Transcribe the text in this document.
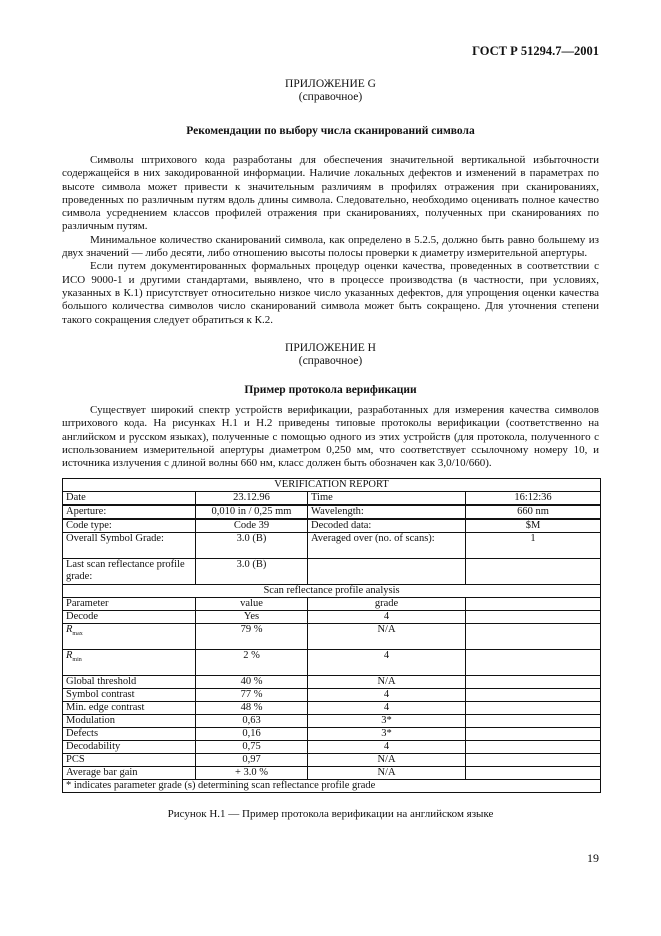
ГОСТ Р 51294.7—2001
ПРИЛОЖЕНИЕ G
(справочное)
Рекомендации по выбору числа сканирований символа

Символы штрихового кода разработаны для обеспечения значительной вертикальной избыточности содержащейся в них закодированной информации. Наличие локальных дефектов и изменений в параметрах по высоте символа может привести к значительным различиям в профилях отражения при сканированиях, проведенных по различным путям вдоль длины символа. Следовательно, необходимо оценивать полное качество символа усреднением классов профилей отражения при сканированиях, полученных при сканированиях по различным путям.

Минимальное количество сканирований символа, как определено в 5.2.5, должно быть равно большему из двух значений — либо десяти, либо отношению высоты полосы проверки к диаметру измерительной апертуры.

Если путем документированных формальных процедур оценки качества, проведенных в соответствии с ИСО 9000-1 и другими стандартами, выявлено, что в процессе производства (в частности, при условиях, указанных в К.1) присутствует относительно низкое число указанных дефектов, для упрощения оценки качества большого количества символов число сканирований символа может быть сокращено. Для уточнения степени такого сокращения следует обратиться к К.2.

ПРИЛОЖЕНИЕ H
(справочное)
Пример протокола верификации

Существует широкий спектр устройств верификации, разработанных для измерения качества символов штрихового кода. На рисунках H.1 и H.2 приведены типовые протоколы верификации (соответственно на английском и русском языках), полученные с помощью одного из этих устройств (для протокола, полученного с использованием измерительной апертуры диаметром 0,250 мм, что соответствует ссылочному номеру 10, и источника излучения с длиной волны 660 нм, класс должен быть обозначен как 3,0/10/660).

VERIFICATION REPORT			
Date	23.12.96	Time	16:12:36
Aperture:	0,010 in / 0,25 mm	Wavelength:	660 nm
Code type:	Code 39	Decoded data:	$M
Overall Symbol Grade:	3.0 (B)	Averaged over (no. of scans):	1
Last scan reflectance profile grade:	3.0 (B)		
Scan reflectance profile analysis			
Parameter	value	grade	
Decode	Yes	4	
$R_{max}$	79 %	N/A	
$R_{min}$	2 %	4	
Global threshold	40 %	N/A	
Symbol contrast	77 %	4	
Min. edge contrast	48 %	4	
Modulation	0,63	3*	
Defects	0,16	3*	
Decodability	0,75	4	
PCS	0,97	N/A	
Average bar gain	+ 3.0 %	N/A	
* indicates parameter grade (s) determining scan reflectance profile grade			
Рисунок H.1 — Пример протокола верификации на английском языке
19
